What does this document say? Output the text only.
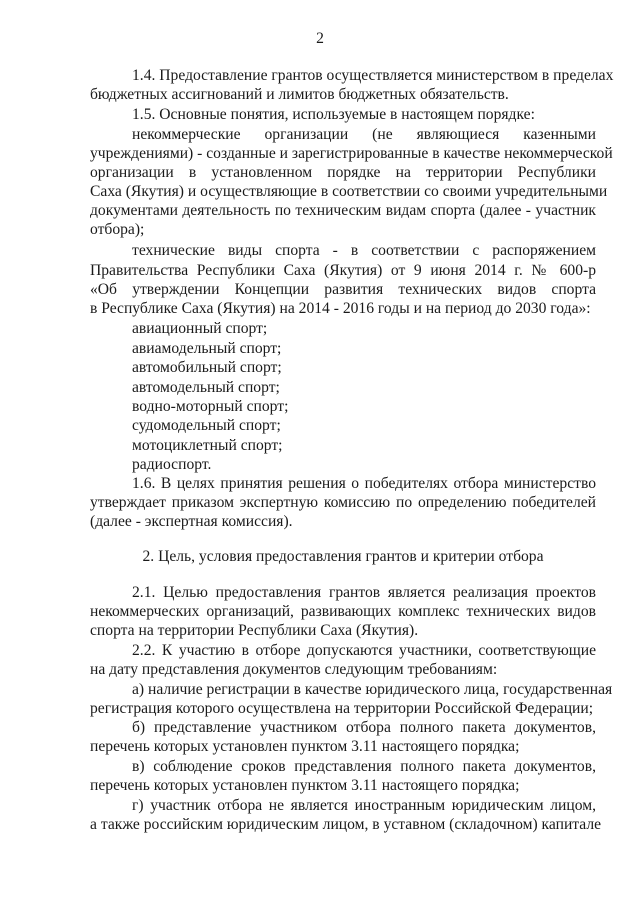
2
1.4. Предоставление грантов осуществляется министерством в пределах
бюджетных ассигнований и лимитов бюджетных обязательств.
1.5. Основные понятия, используемые в настоящем порядке:
некоммерческие организации (не являющиеся казенными
учреждениями) - созданные и зарегистрированные в качестве некоммерческой
организации в установленном порядке на территории Республики
Саха (Якутия) и осуществляющие в соответствии со своими учредительными
документами деятельность по техническим видам спорта (далее - участник
отбора);
технические виды спорта - в соответствии с распоряжением
Правительства Республики Саха (Якутия) от 9 июня 2014 г. № 600-р
«Об утверждении Концепции развития технических видов спорта
в Республике Саха (Якутия) на 2014 - 2016 годы и на период до 2030 года»:
авиационный спорт;
авиамодельный спорт;
автомобильный спорт;
автомодельный спорт;
водно-моторный спорт;
судомодельный спорт;
мотоциклетный спорт;
радиоспорт.
1.6. В целях принятия решения о победителях отбора министерство
утверждает приказом экспертную комиссию по определению победителей
(далее - экспертная комиссия).
2. Цель, условия предоставления грантов и критерии отбора
2.1. Целью предоставления грантов является реализация проектов
некоммерческих организаций, развивающих комплекс технических видов
спорта на территории Республики Саха (Якутия).
2.2. К участию в отборе допускаются участники, соответствующие
на дату представления документов следующим требованиям:
а) наличие регистрации в качестве юридического лица, государственная
регистрация которого осуществлена на территории Российской Федерации;
б) представление участником отбора полного пакета документов,
перечень которых установлен пунктом 3.11 настоящего порядка;
в) соблюдение сроков представления полного пакета документов,
перечень которых установлен пунктом 3.11 настоящего порядка;
г) участник отбора не является иностранным юридическим лицом,
а также российским юридическим лицом, в уставном (складочном) капитале
